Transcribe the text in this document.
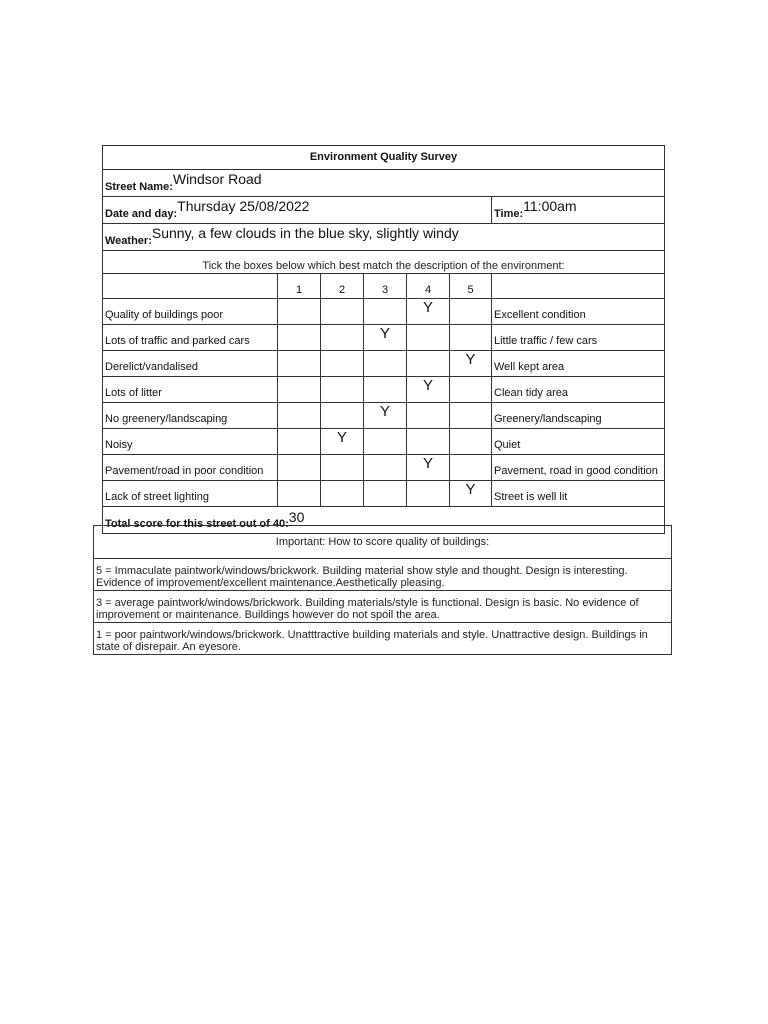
Environment Quality Survey						
Street Name:Windsor Road						
Date and day:Thursday 25/08/2022						Time:11:00am
Weather:Sunny, a few clouds in the blue sky, slightly windy						
Tick the boxes below which best match the description of the environment:						
	1	2	3	4	5	
Quality of buildings poor				Y		Excellent condition
Lots of traffic and parked cars			Y			Little traffic / few cars
Derelict/vandalised					Y	Well kept area
Lots of litter				Y		Clean tidy area
No greenery/landscaping			Y			Greenery/landscaping
Noisy		Y				Quiet
Pavement/road in poor condition				Y		Pavement, road in good condition
Lack of street lighting					Y	Street is well lit
Total score for this street out of 40:30						
Important: How to score quality of buildings:
5 = Immaculate paintwork/windows/brickwork. Building material show style and thought. Design is interesting. Evidence of improvement/excellent maintenance.Aesthetically pleasing.
3 = average paintwork/windows/brickwork. Building materials/style is functional. Design is basic. No evidence of improvement or maintenance. Buildings however do not spoil the area.
1 = poor paintwork/windows/brickwork. Unatttractive building materials and style. Unattractive design. Buildings in state of disrepair. An eyesore.
